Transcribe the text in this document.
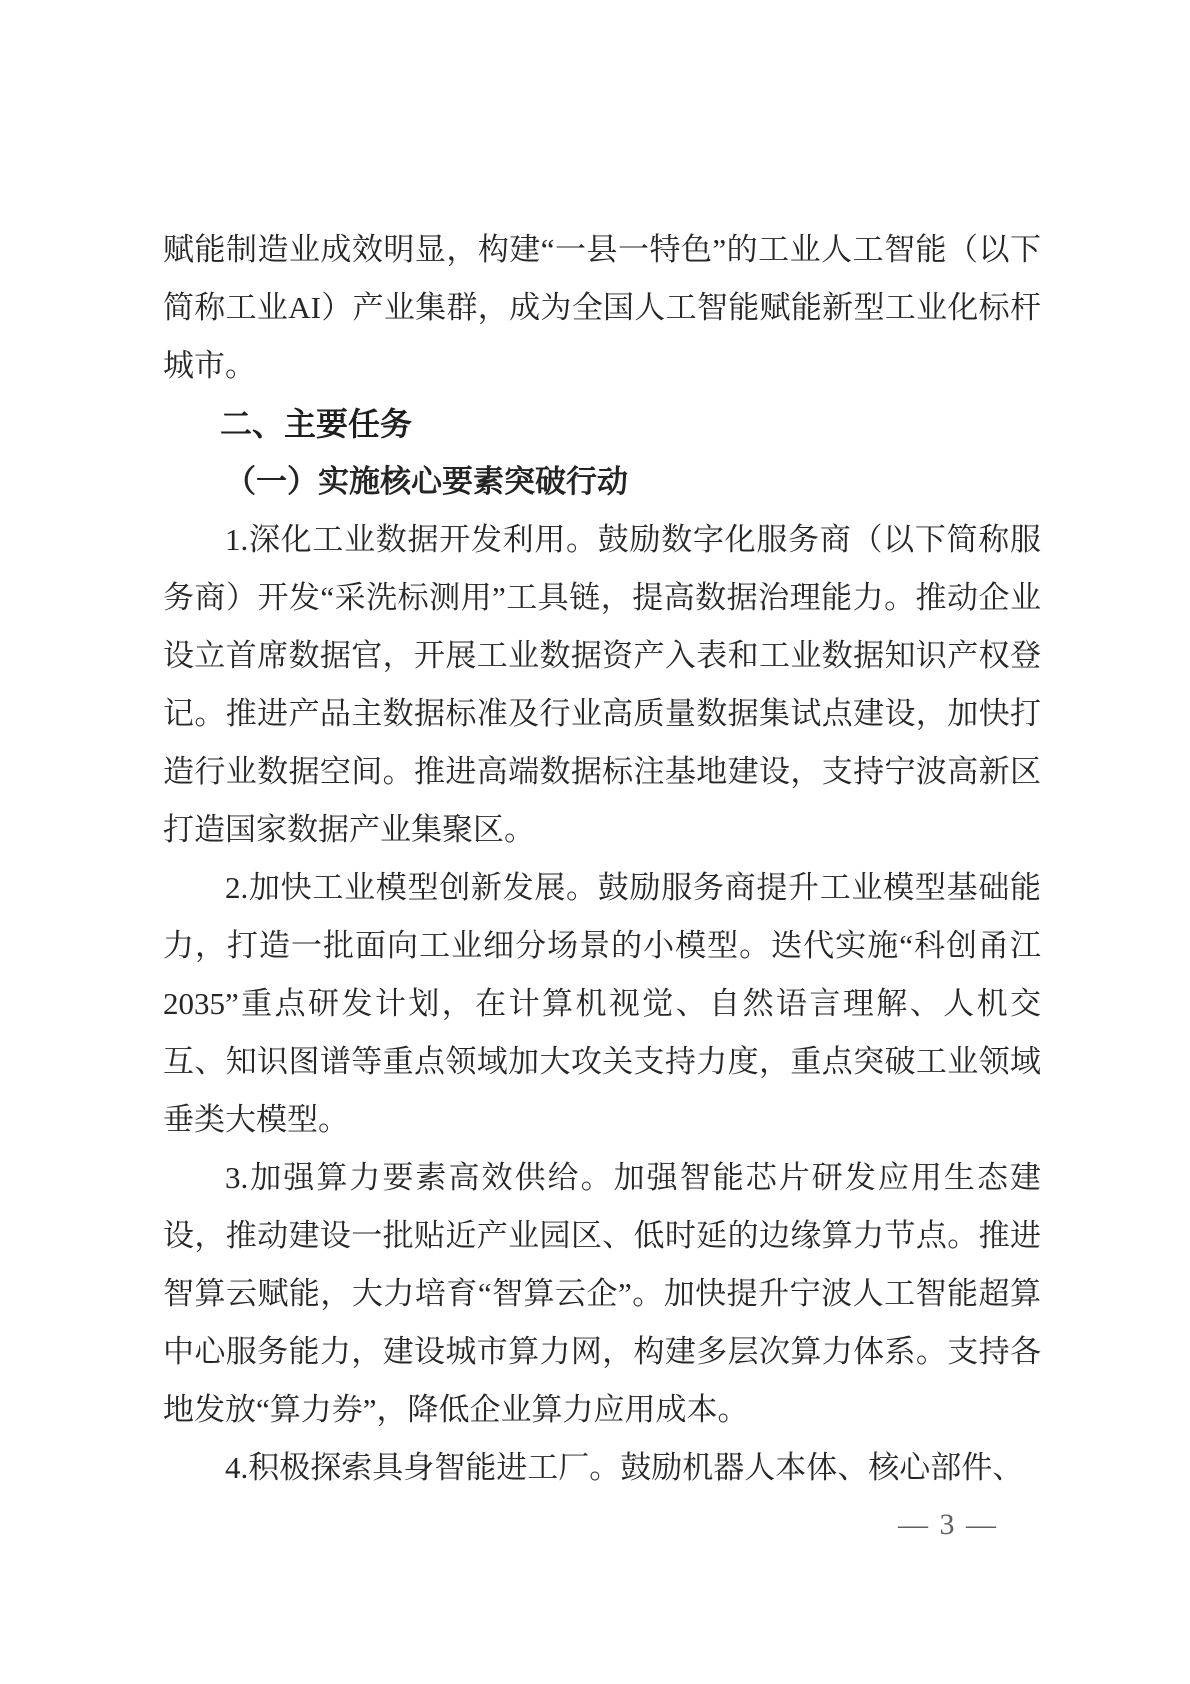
赋能制造业成效明显，构建“一县一特色”的工业人工智能（以下简称工业AI）产业集群，成为全国人工智能赋能新型工业化标杆城市。

二、主要任务
（一）实施核心要素突破行动

1.深化工业数据开发利用。鼓励数字化服务商（以下简称服务商）开发“采洗标测用”工具链，提高数据治理能力。推动企业设立首席数据官，开展工业数据资产入表和工业数据知识产权登记。推进产品主数据标准及行业高质量数据集试点建设，加快打造行业数据空间。推进高端数据标注基地建设，支持宁波高新区打造国家数据产业集聚区。

2.加快工业模型创新发展。鼓励服务商提升工业模型基础能力，打造一批面向工业细分场景的小模型。迭代实施“科创甬江2035”重点研发计划，在计算机视觉、自然语言理解、人机交互、知识图谱等重点领域加大攻关支持力度，重点突破工业领域垂类大模型。

3.加强算力要素高效供给。加强智能芯片研发应用生态建设，推动建设一批贴近产业园区、低时延的边缘算力节点。推进智算云赋能，大力培育“智算云企”。加快提升宁波人工智能超算中心服务能力，建设城市算力网，构建多层次算力体系。支持各地发放“算力券”，降低企业算力应用成本。

4.积极探索具身智能进工厂。鼓励机器人本体、核心部件、

— 3 —
